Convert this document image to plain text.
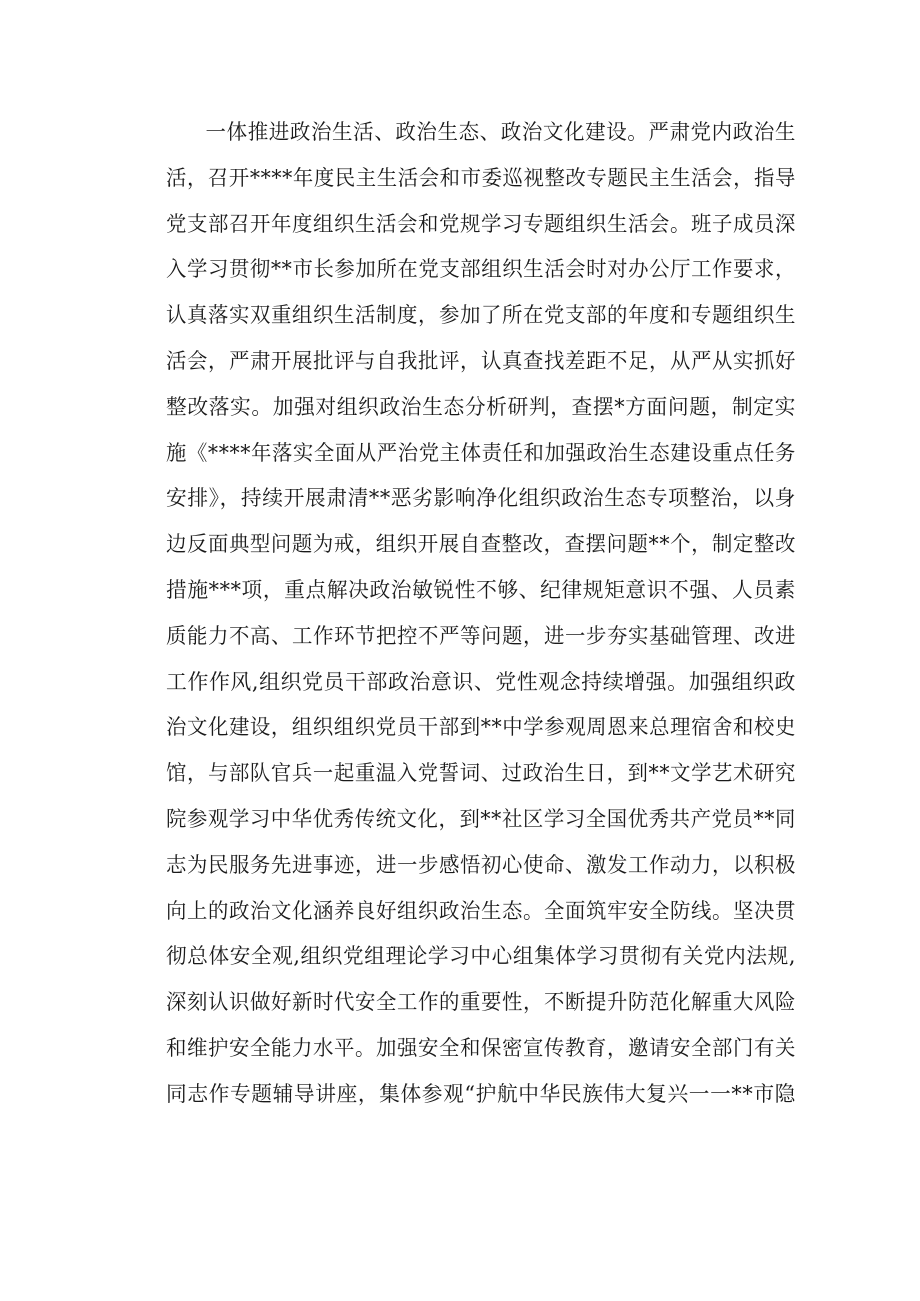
一体推进政治生活、政治生态、政治文化建设。严肃党内政治生
活，召开****年度民主生活会和市委巡视整改专题民主生活会，指导
党支部召开年度组织生活会和党规学习专题组织生活会。班子成员深
入学习贯彻**市长参加所在党支部组织生活会时对办公厅工作要求，
认真落实双重组织生活制度，参加了所在党支部的年度和专题组织生
活会，严肃开展批评与自我批评，认真查找差距不足，从严从实抓好
整改落实。加强对组织政治生态分析研判，查摆*方面问题，制定实
施《****年落实全面从严治党主体责任和加强政治生态建设重点任务
安排》，持续开展肃清**恶劣影响净化组织政治生态专项整治，以身
边反面典型问题为戒，组织开展自查整改，查摆问题**个，制定整改
措施***项，重点解决政治敏锐性不够、纪律规矩意识不强、人员素
质能力不高、工作环节把控不严等问题，进一步夯实基础管理、改进
工作作风,组织党员干部政治意识、党性观念持续增强。加强组织政
治文化建设，组织组织党员干部到**中学参观周恩来总理宿舍和校史
馆，与部队官兵一起重温入党誓词、过政治生日，到**文学艺术研究
院参观学习中华优秀传统文化，到**社区学习全国优秀共产党员**同
志为民服务先进事迹，进一步感悟初心使命、激发工作动力，以积极
向上的政治文化涵养良好组织政治生态。全面筑牢安全防线。坚决贯
彻总体安全观,组织党组理论学习中心组集体学习贯彻有关党内法规,
深刻认识做好新时代安全工作的重要性，不断提升防范化解重大风险
和维护安全能力水平。加强安全和保密宣传教育，邀请安全部门有关
同志作专题辅导讲座，集体参观“护航中华民族伟大复兴一一**市隐
